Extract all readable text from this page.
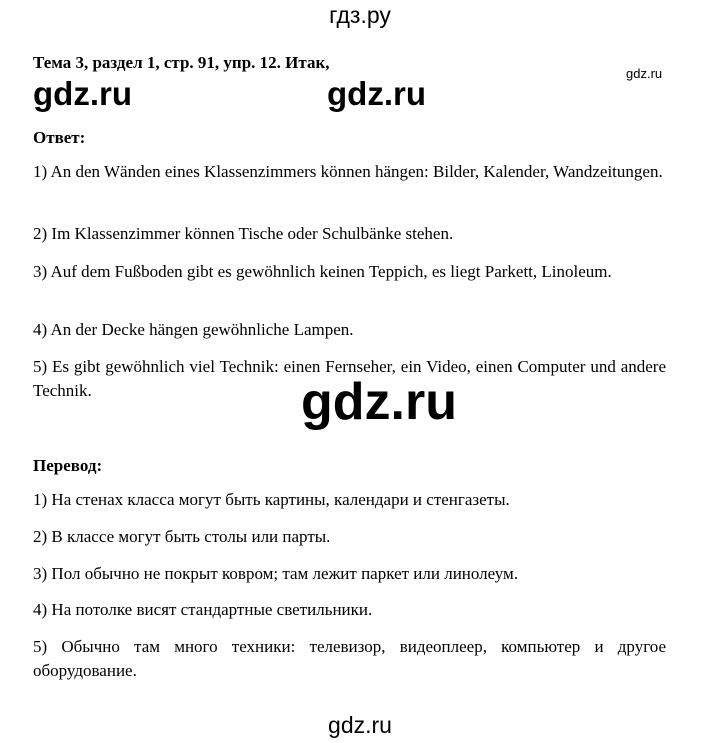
гдз.ру
Тема 3, раздел 1, стр. 91, упр. 12. Итак,
gdz.ru
gdz.ru	gdz.ru
Ответ:

1) An den Wänden eines Klassenzimmers können hängen: Bilder, Kalender, Wandzeitungen.

2) Im Klassenzimmer können Tische oder Schulbänke stehen.

3) Auf dem Fußboden gibt es gewöhnlich keinen Teppich, es liegt Parkett, Linoleum.

4) An der Decke hängen gewöhnliche Lampen.

5) Es gibt gewöhnlich viel Technik: einen Fernseher, ein Video, einen Computer und andere Technik.	gdz.ru
Перевод:

1) На стенах класса могут быть картины, календари и стенгазеты.

2) В классе могут быть столы или парты.

3) Пол обычно не покрыт ковром; там лежит паркет или линолеум.

4) На потолке висят стандартные светильники.

5) Обычно там много техники: телевизор, видеоплеер, компьютер и другое оборудование.

gdz.ru
